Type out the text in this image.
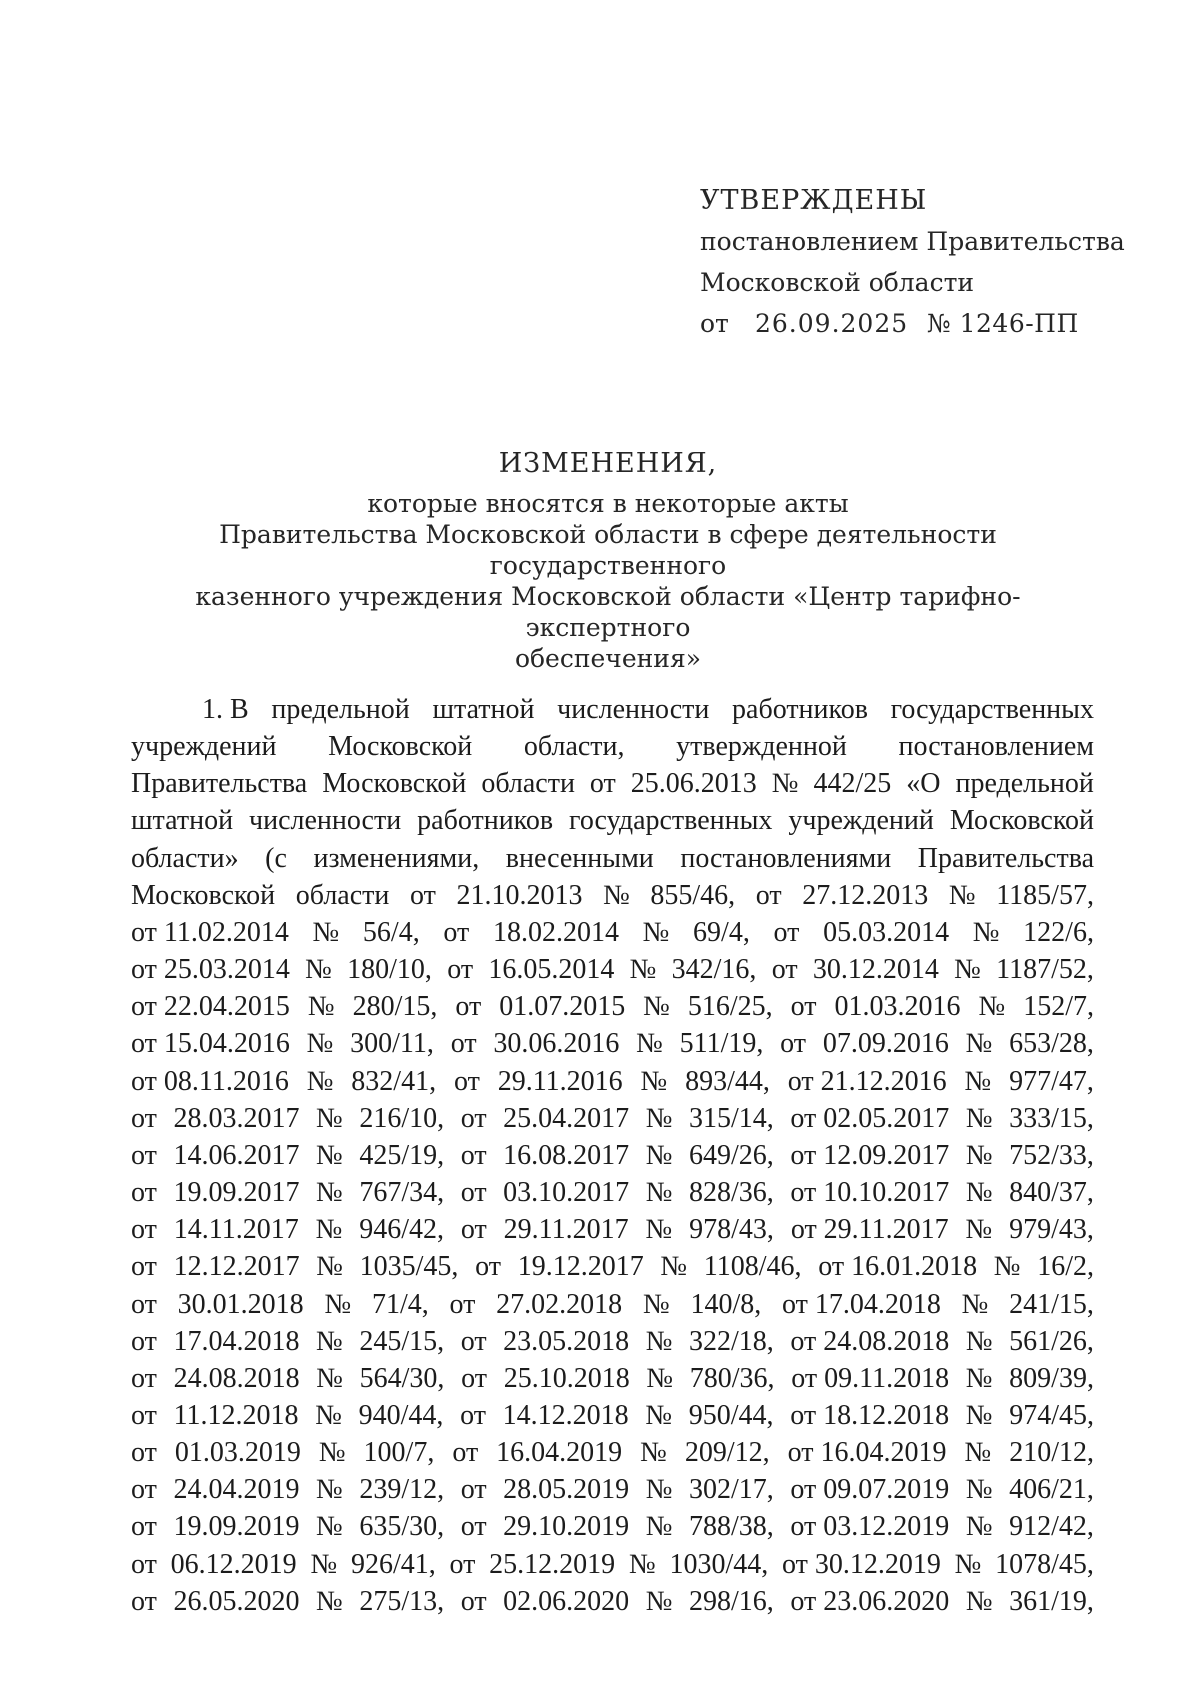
УТВЕРЖДЕНЫ
постановлением Правительства
Московской области
от	26.09.2025 № 1246-ПП
ИЗМЕНЕНИЯ,
которые вносятся в некоторые акты
Правительства Московской области в сфере деятельности государственного
казенного учреждения Московской области «Центр тарифно-экспертного
обеспечения»
1. В предельной штатной численности работников государственных
учреждений Московской области, утвержденной постановлением
Правительства Московской области от 25.06.2013 № 442/25 «О предельной
штатной численности работников государственных учреждений Московской
области» (с изменениями, внесенными постановлениями Правительства
Московской области от 21.10.2013 № 855/46, от 27.12.2013 № 1185/57,
от 11.02.2014 № 56/4, от 18.02.2014 № 69/4, от 05.03.2014 № 122/6,
от 25.03.2014 № 180/10, от 16.05.2014 № 342/16, от 30.12.2014 № 1187/52,
от 22.04.2015 № 280/15, от 01.07.2015 № 516/25, от 01.03.2016 № 152/7,
от 15.04.2016 № 300/11, от 30.06.2016 № 511/19, от 07.09.2016 № 653/28,
от 08.11.2016 № 832/41, от 29.11.2016 № 893/44, от 21.12.2016 № 977/47,
от 28.03.2017 № 216/10, от 25.04.2017 № 315/14, от 02.05.2017 № 333/15,
от 14.06.2017 № 425/19, от 16.08.2017 № 649/26, от 12.09.2017 № 752/33,
от 19.09.2017 № 767/34, от 03.10.2017 № 828/36, от 10.10.2017 № 840/37,
от 14.11.2017 № 946/42, от 29.11.2017 № 978/43, от 29.11.2017 № 979/43,
от 12.12.2017 № 1035/45, от 19.12.2017 № 1108/46, от 16.01.2018 № 16/2,
от 30.01.2018 № 71/4, от 27.02.2018 № 140/8, от 17.04.2018 № 241/15,
от 17.04.2018 № 245/15, от 23.05.2018 № 322/18, от 24.08.2018 № 561/26,
от 24.08.2018 № 564/30, от 25.10.2018 № 780/36, от 09.11.2018 № 809/39,
от 11.12.2018 № 940/44, от 14.12.2018 № 950/44, от 18.12.2018 № 974/45,
от 01.03.2019 № 100/7, от 16.04.2019 № 209/12, от 16.04.2019 № 210/12,
от 24.04.2019 № 239/12, от 28.05.2019 № 302/17, от 09.07.2019 № 406/21,
от 19.09.2019 № 635/30, от 29.10.2019 № 788/38, от 03.12.2019 № 912/42,
от 06.12.2019 № 926/41, от 25.12.2019 № 1030/44, от 30.12.2019 № 1078/45,
от 26.05.2020 № 275/13, от 02.06.2020 № 298/16, от 23.06.2020 № 361/19,
